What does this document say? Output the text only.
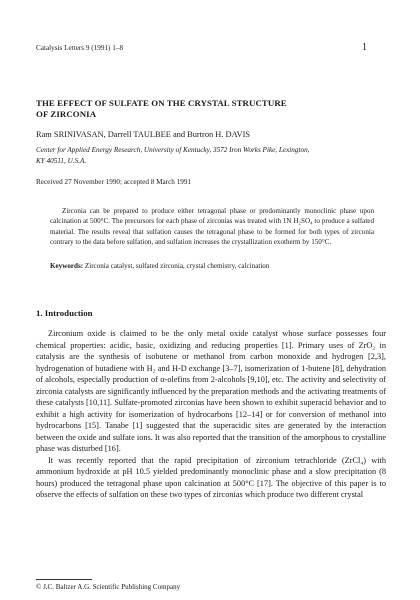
Catalysis Letters 9 (1991) 1–8	1
THE EFFECT OF SULFATE ON THE CRYSTAL STRUCTURE
OF ZIRCONIA
Ram SRINIVASAN, Darrell TAULBEE and Burtron H. DAVIS
Center for Applied Energy Research, University of Kentucky, 3572 Iron Works Pike, Lexington,
KY 40511, U.S.A.
Received 27 November 1990; accepted 8 March 1991

Zirconia can be prepared to produce either tetragonal phase or predominantly monoclinic phase upon calcination at 500°C. The precursors for each phase of zirconias was treated with 1N H₂SO₄ to produce a sulfated material. The results reveal that sulfation causes the tetragonal phase to be formed for both types of zirconia contrary to the data before sulfation, and sulfation increases the crystallization exotherm by 150°C.

Keywords: Zirconia catalyst, sulfated zirconia, crystal chemistry, calcination
1. Introduction

Zirconium oxide is claimed to be the only metal oxide catalyst whose surface possesses four chemical properties: acidic, basic, oxidizing and reducing properties [1]. Primary uses of ZrO₂ in catalysis are the synthesis of isobutene or methanol from carbon monoxide and hydrogen [2,3], hydrogenation of butadiene with H₂ and H-D exchange [3–7], isomerization of 1-butene [8], dehydration of alcohols, especially production of α-olefins from 2-alcohols [9,10], etc. The activity and selectivity of zirconia catalysts are significantly influenced by the preparation methods and the activating treatments of these catalysts [10,11]. Sulfate-promoted zirconias have been shown to exhibit superacid behavior and to exhibit a high activity for isomerization of hydrocarbons [12–14] or for conversion of methanol into hydrocarbons [15]. Tanabe [1] suggested that the superacidic sites are generated by the interaction between the oxide and sulfate ions. It was also reported that the transition of the amorphous to crystalline phase was disturbed [16].

It was recently reported that the rapid precipitation of zirconium tetrachloride (ZrCl₄) with ammonium hydroxide at pH 10.5 yielded predominantly monoclinic phase and a slow precipitation (8 hours) produced the tetragonal phase upon calcination at 500°C [17]. The objective of this paper is to observe the effects of sulfation on these two types of zirconias which produce two different crystal

© J.C. Baltzer A.G. Scientific Publishing Company
